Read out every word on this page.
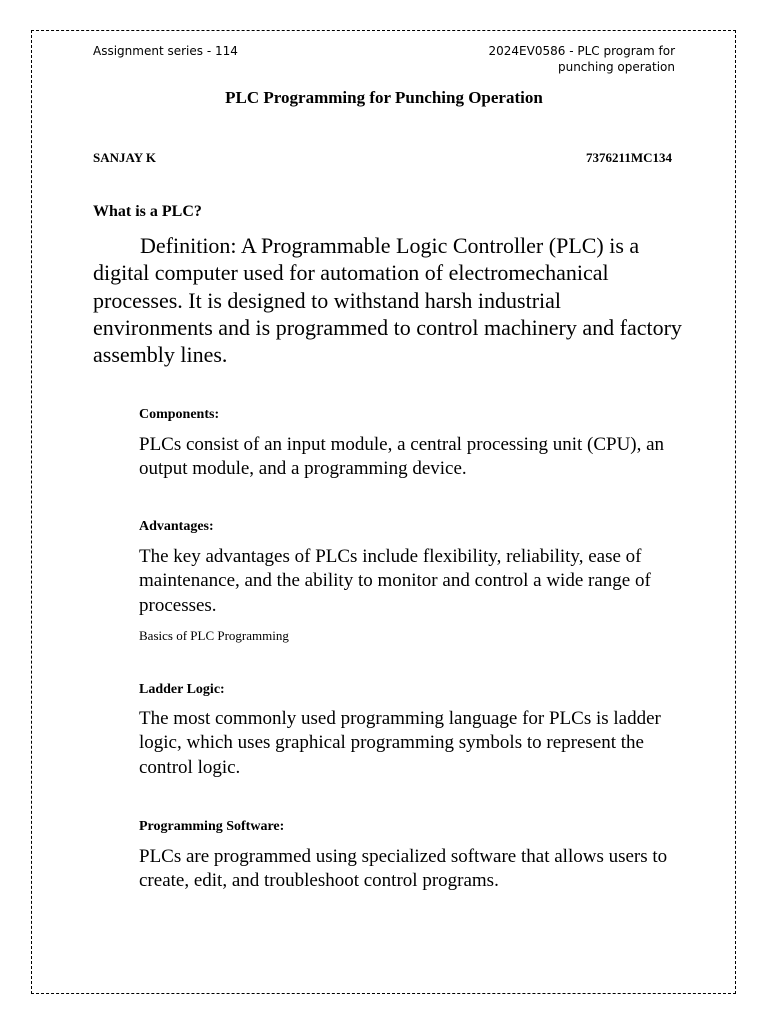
Assignment series - 114	2024EV0586 - PLC program for
punching operation
PLC Programming for Punching Operation
SANJAY K	7376211MC134
What is a PLC?

Definition: A Programmable Logic Controller (PLC) is a digital computer used for automation of electromechanical processes. It is designed to withstand harsh industrial environments and is programmed to control machinery and factory assembly lines.

Components:

PLCs consist of an input module, a central processing unit (CPU), an output module, and a programming device.

Advantages:

The key advantages of PLCs include flexibility, reliability, ease of maintenance, and the ability to monitor and control a wide range of processes.

Basics of PLC Programming
Ladder Logic:

The most commonly used programming language for PLCs is ladder logic, which uses graphical programming symbols to represent the control logic.

Programming Software:

PLCs are programmed using specialized software that allows users to create, edit, and troubleshoot control programs.
